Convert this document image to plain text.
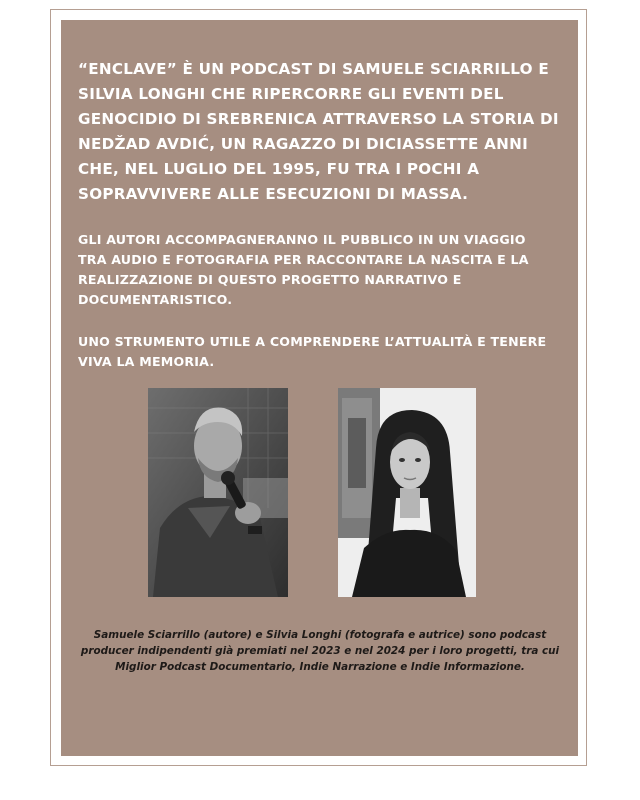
“ENCLAVE” È UN PODCAST DI SAMUELE SCIARRILLO E SILVIA LONGHI CHE RIPERCORRE GLI EVENTI DEL GENOCIDIO DI SREBRENICA ATTRAVERSO LA STORIA DI NEDŽAD AVDIĆ, UN RAGAZZO DI DICIASSETTE ANNI CHE, NEL LUGLIO DEL 1995, FU TRA I POCHI A SOPRAVVIVERE ALLE ESECUZIONI DI MASSA.

GLI AUTORI ACCOMPAGNERANNO IL PUBBLICO IN UN VIAGGIO TRA AUDIO E FOTOGRAFIA PER RACCONTARE LA NASCITA E LA REALIZZAZIONE DI QUESTO PROGETTO NARRATIVO E DOCUMENTARISTICO.

UNO STRUMENTO UTILE A COMPRENDERE L’ATTUALITÀ E TENERE VIVA LA MEMORIA.

Samuele Sciarrillo (autore) e Silvia Longhi (fotografa e autrice) sono podcast producer indipendenti già premiati nel 2023 e nel 2024 per i loro progetti, tra cui Miglior Podcast Documentario, Indie Narrazione e Indie Informazione.
